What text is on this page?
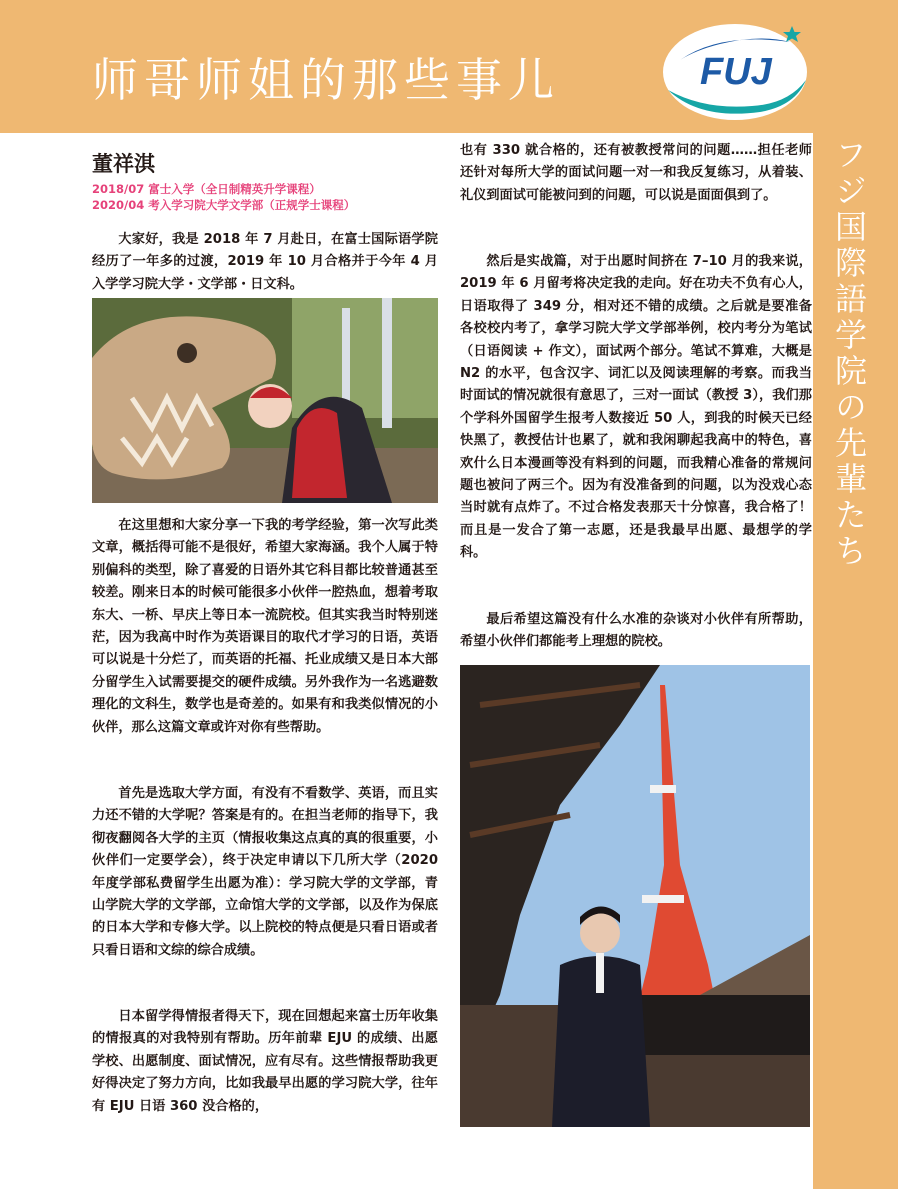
师哥师姐的那些事儿	FUJ
フジ国際語学院の先輩たち
董祥淇
2018/07 富士入学（全日制精英升学课程）
2020/04 考入学习院大学文学部（正规学士课程）

大家好，我是 2018 年 7 月赴日，在富士国际语学院经历了一年多的过渡，2019 年 10 月合格并于今年 4 月入学学习院大学・文学部・日文科。

在这里想和大家分享一下我的考学经验，第一次写此类文章，概括得可能不是很好，希望大家海涵。我个人属于特别偏科的类型，除了喜爱的日语外其它科目都比较普通甚至较差。刚来日本的时候可能很多小伙伴一腔热血，想着考取东大、一桥、早庆上等日本一流院校。但其实我当时特别迷茫，因为我高中时作为英语课目的取代才学习的日语，英语可以说是十分烂了，而英语的托福、托业成绩又是日本大部分留学生入试需要提交的硬件成绩。另外我作为一名逃避数理化的文科生，数学也是奇差的。如果有和我类似情况的小伙伴，那么这篇文章或许对你有些帮助。

首先是选取大学方面，有没有不看数学、英语，而且实力还不错的大学呢？答案是有的。在担当老师的指导下，我彻夜翻阅各大学的主页（情报收集这点真的真的很重要，小伙伴们一定要学会），终于决定申请以下几所大学（2020 年度学部私费留学生出愿为准）：学习院大学的文学部，青山学院大学的文学部，立命馆大学的文学部，以及作为保底的日本大学和专修大学。以上院校的特点便是只看日语或者只看日语和文综的综合成绩。

日本留学得情报者得天下，现在回想起来富士历年收集的情报真的对我特别有帮助。历年前辈 EJU 的成绩、出愿学校、出愿制度、面试情况，应有尽有。这些情报帮助我更好得决定了努力方向，比如我最早出愿的学习院大学，往年有 EJU 日语 360 没合格的，

也有 330 就合格的，还有被教授常问的问题……担任老师还针对每所大学的面试问题一对一和我反复练习，从着装、礼仪到面试可能被问到的问题，可以说是面面俱到了。

然后是实战篇，对于出愿时间挤在 7–10 月的我来说，2019 年 6 月留考将决定我的走向。好在功夫不负有心人，日语取得了 349 分，相对还不错的成绩。之后就是要准备各校校内考了，拿学习院大学文学部举例，校内考分为笔试（日语阅读 + 作文），面试两个部分。笔试不算难，大概是 N2 的水平，包含汉字、词汇以及阅读理解的考察。而我当时面试的情况就很有意思了，三对一面试（教授 3），我们那个学科外国留学生报考人数接近 50 人，到我的时候天已经快黑了，教授估计也累了，就和我闲聊起我高中的特色，喜欢什么日本漫画等没有料到的问题，而我精心准备的常规问题也被问了两三个。因为有没准备到的问题，以为没戏心态当时就有点炸了。不过合格发表那天十分惊喜，我合格了！而且是一发合了第一志愿，还是我最早出愿、最想学的学科。

最后希望这篇没有什么水准的杂谈对小伙伴有所帮助，希望小伙伴们都能考上理想的院校。
